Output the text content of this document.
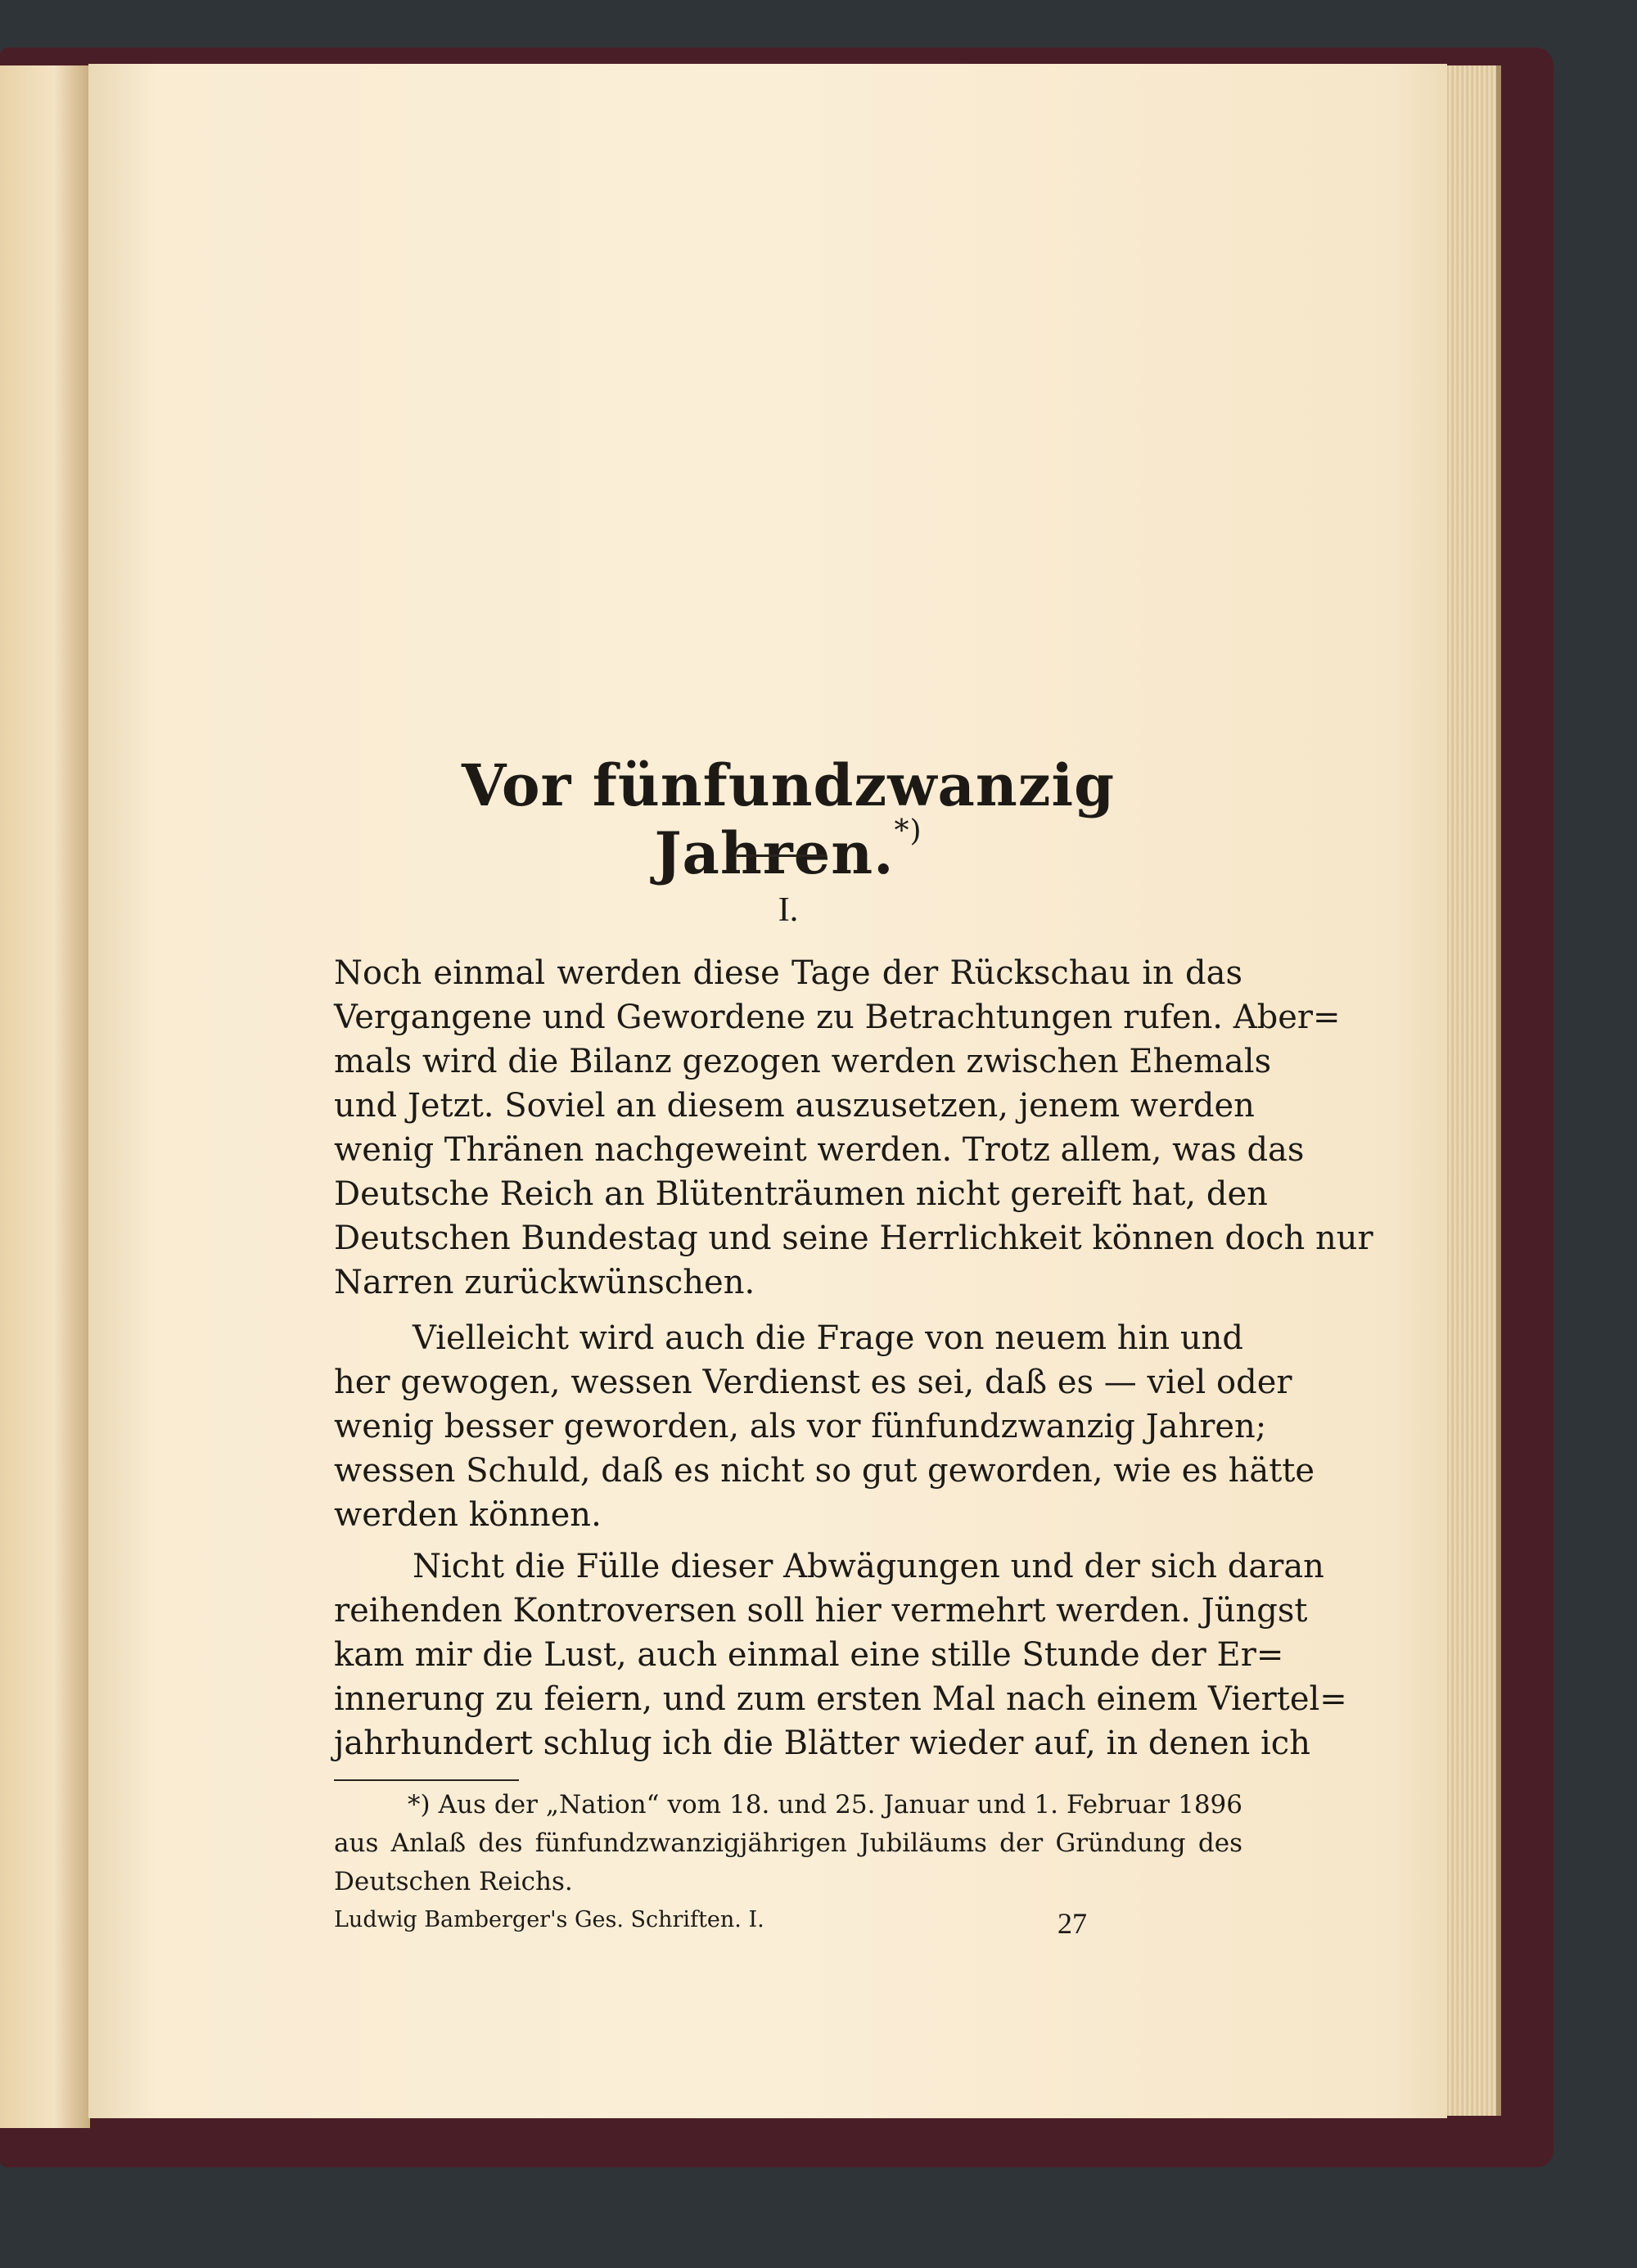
Vor fünfundzwanzig Jahren.*)
I.
Noch einmal werden diese Tage der Rückschau in das
Vergangene und Gewordene zu Betrachtungen rufen. Aber=
mals wird die Bilanz gezogen werden zwischen Ehemals
und Jetzt. Soviel an diesem auszusetzen, jenem werden
wenig Thränen nachgeweint werden. Trotz allem, was das
Deutsche Reich an Blütenträumen nicht gereift hat, den
Deutschen Bundestag und seine Herrlichkeit können doch nur
Narren zurückwünschen.
Vielleicht wird auch die Frage von neuem hin und
her gewogen, wessen Verdienst es sei, daß es — viel oder
wenig besser geworden, als vor fünfundzwanzig Jahren;
wessen Schuld, daß es nicht so gut geworden, wie es hätte
werden können.
Nicht die Fülle dieser Abwägungen und der sich daran
reihenden Kontroversen soll hier vermehrt werden. Jüngst
kam mir die Lust, auch einmal eine stille Stunde der Er=
innerung zu feiern, und zum ersten Mal nach einem Viertel=
jahrhundert schlug ich die Blätter wieder auf, in denen ich
*) Aus der „Nation“ vom 18. und 25. Januar und 1. Februar 1896
aus Anlaß des fünfundzwanzigjährigen Jubiläums der Gründung des
Deutschen Reichs.
Ludwig Bamberger's Ges. Schriften. I.	27
